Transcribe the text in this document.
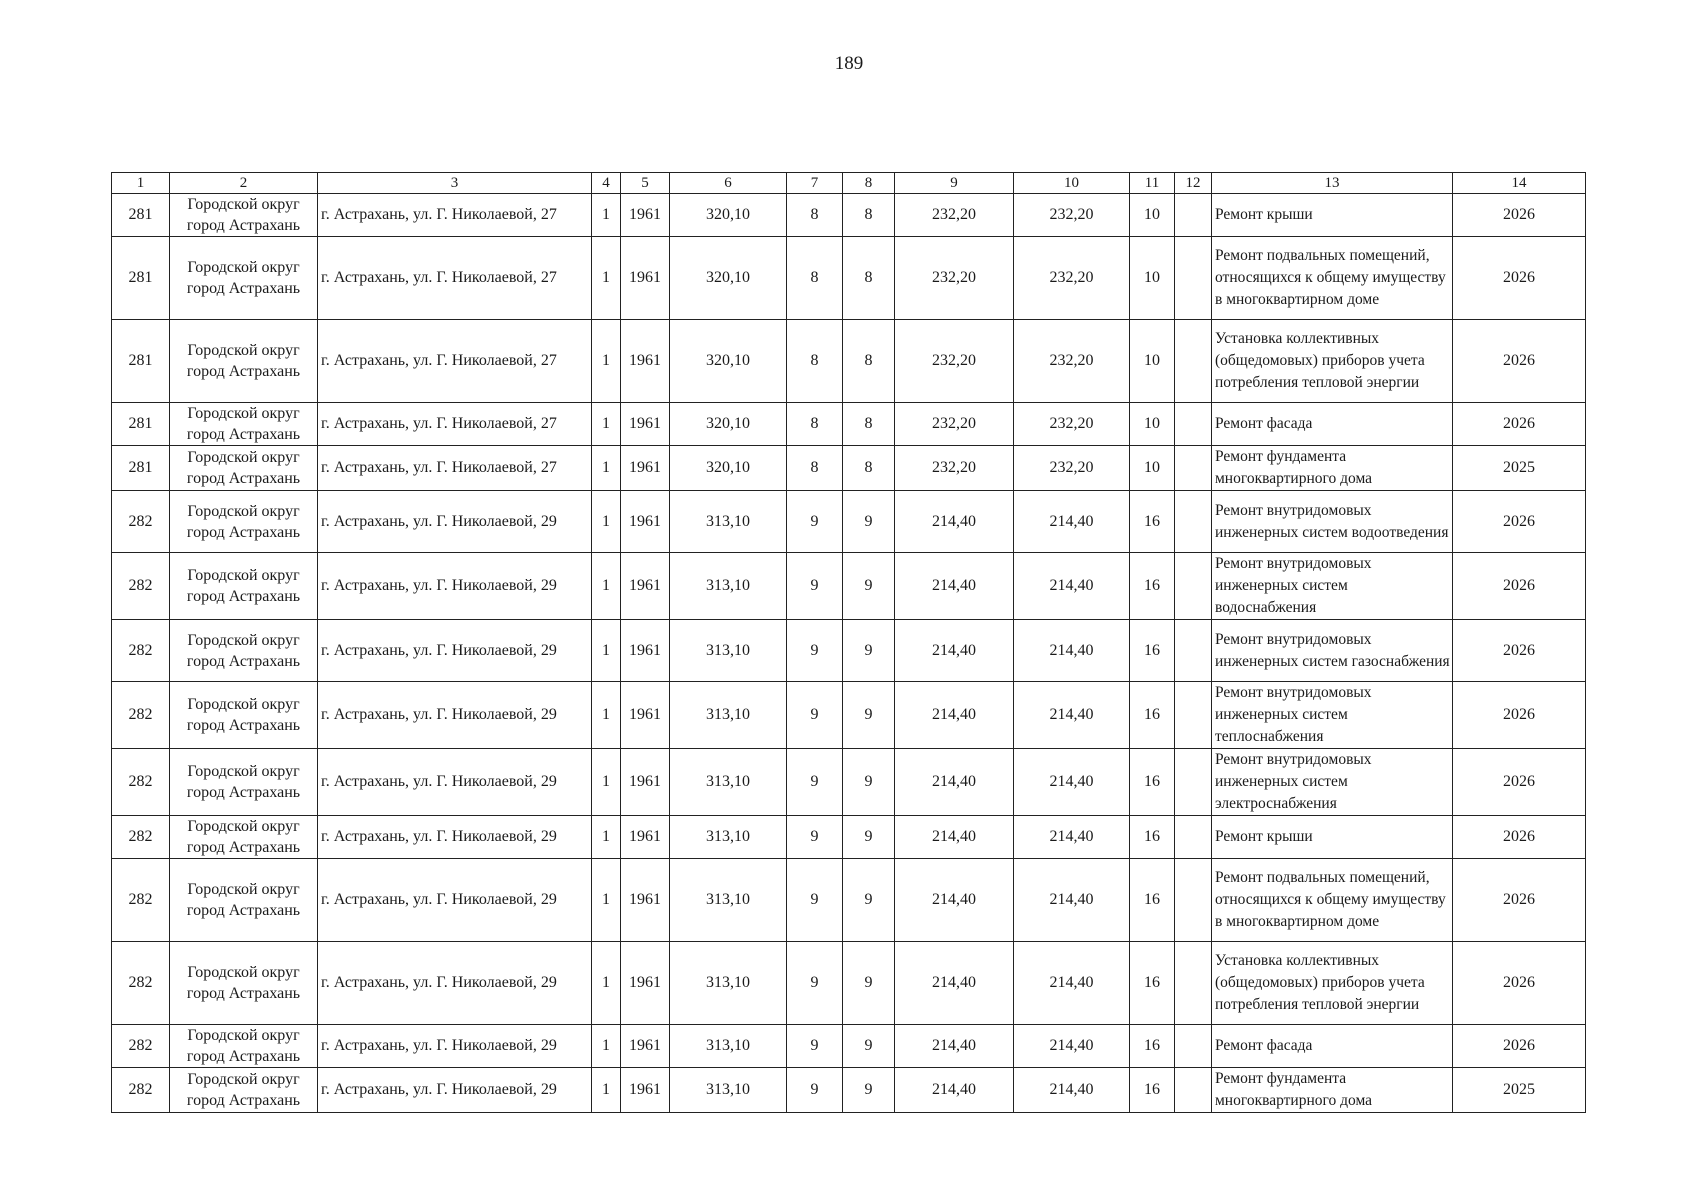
189
1	2	3	4	5	6	7	8	9	10	11	12	13	14
281	Городской округ город Астрахань	г. Астрахань, ул. Г. Николаевой, 27	1	1961	320,10	8	8	232,20	232,20	10		Ремонт крыши	2026
281	Городской округ город Астрахань	г. Астрахань, ул. Г. Николаевой, 27	1	1961	320,10	8	8	232,20	232,20	10		Ремонт подвальных помещений, относящихся к общему имуществу в многоквартирном доме	2026
281	Городской округ город Астрахань	г. Астрахань, ул. Г. Николаевой, 27	1	1961	320,10	8	8	232,20	232,20	10		Установка коллективных (общедомовых) приборов учета потребления тепловой энергии	2026
281	Городской округ город Астрахань	г. Астрахань, ул. Г. Николаевой, 27	1	1961	320,10	8	8	232,20	232,20	10		Ремонт фасада	2026
281	Городской округ город Астрахань	г. Астрахань, ул. Г. Николаевой, 27	1	1961	320,10	8	8	232,20	232,20	10		Ремонт фундамента многоквартирного дома	2025
282	Городской округ город Астрахань	г. Астрахань, ул. Г. Николаевой, 29	1	1961	313,10	9	9	214,40	214,40	16		Ремонт внутридомовых инженерных систем водоотведения	2026
282	Городской округ город Астрахань	г. Астрахань, ул. Г. Николаевой, 29	1	1961	313,10	9	9	214,40	214,40	16		Ремонт внутридомовых инженерных систем водоснабжения	2026
282	Городской округ город Астрахань	г. Астрахань, ул. Г. Николаевой, 29	1	1961	313,10	9	9	214,40	214,40	16		Ремонт внутридомовых инженерных систем газоснабжения	2026
282	Городской округ город Астрахань	г. Астрахань, ул. Г. Николаевой, 29	1	1961	313,10	9	9	214,40	214,40	16		Ремонт внутридомовых инженерных систем теплоснабжения	2026
282	Городской округ город Астрахань	г. Астрахань, ул. Г. Николаевой, 29	1	1961	313,10	9	9	214,40	214,40	16		Ремонт внутридомовых инженерных систем электроснабжения	2026
282	Городской округ город Астрахань	г. Астрахань, ул. Г. Николаевой, 29	1	1961	313,10	9	9	214,40	214,40	16		Ремонт крыши	2026
282	Городской округ город Астрахань	г. Астрахань, ул. Г. Николаевой, 29	1	1961	313,10	9	9	214,40	214,40	16		Ремонт подвальных помещений, относящихся к общему имуществу в многоквартирном доме	2026
282	Городской округ город Астрахань	г. Астрахань, ул. Г. Николаевой, 29	1	1961	313,10	9	9	214,40	214,40	16		Установка коллективных (общедомовых) приборов учета потребления тепловой энергии	2026
282	Городской округ город Астрахань	г. Астрахань, ул. Г. Николаевой, 29	1	1961	313,10	9	9	214,40	214,40	16		Ремонт фасада	2026
282	Городской округ город Астрахань	г. Астрахань, ул. Г. Николаевой, 29	1	1961	313,10	9	9	214,40	214,40	16		Ремонт фундамента многоквартирного дома	2025
